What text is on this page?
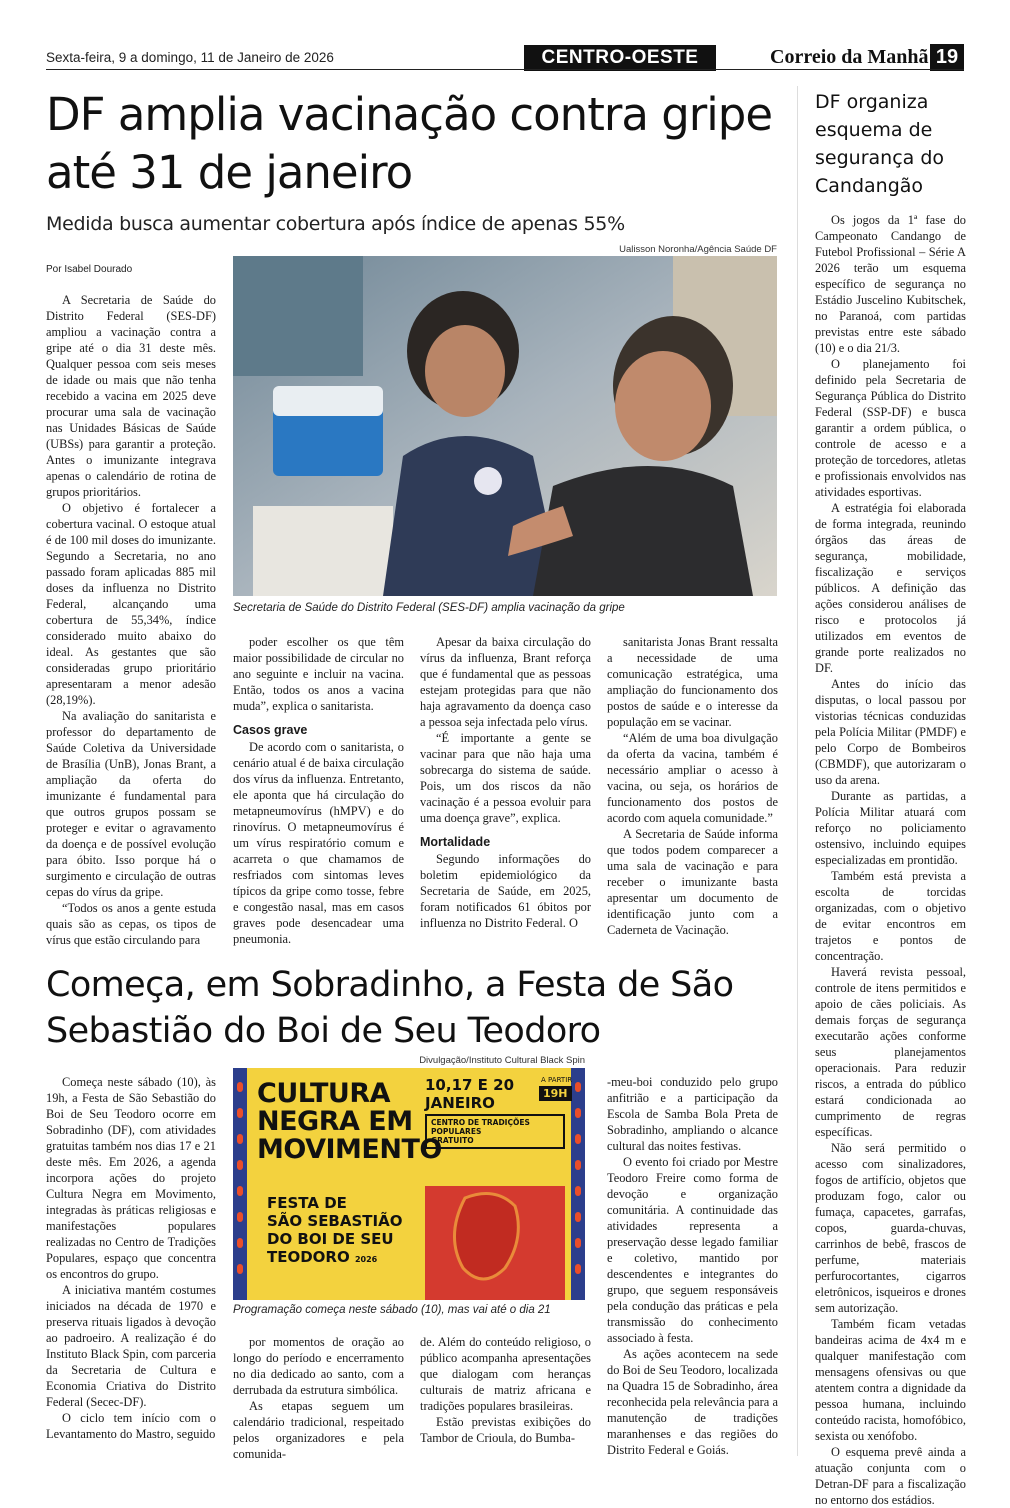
Sexta-feira, 9 a domingo, 11 de Janeiro de 2026	CENTRO-OESTE	Correio da Manhã 19
DF amplia vacinação contra gripe até 31 de janeiro
Medida busca aumentar cobertura após índice de apenas 55%
Ualisson Noronha/Agência Saúde DF
Por Isabel Dourado
Secretaria de Saúde do Distrito Federal (SES-DF) amplia vacinação da gripe

A Secretaria de Saúde do Distrito Federal (SES-DF) ampliou a vacinação contra a gripe até o dia 31 deste mês. Qualquer pessoa com seis meses de idade ou mais que não tenha recebido a vacina em 2025 deve procurar uma sala de vacinação nas Unidades Básicas de Saúde (UBSs) para garantir a proteção. Antes o imunizante integrava apenas o calendário de rotina de grupos prioritários.

O objetivo é fortalecer a cobertura vacinal. O estoque atual é de 100 mil doses do imunizante. Segundo a Secretaria, no ano passado foram aplicadas 885 mil doses da influenza no Distrito Federal, alcançando uma cobertura de 55,34%, índice considerado muito abaixo do ideal. As gestantes que são consideradas grupo prioritário apresentaram a menor adesão (28,19%).

Na avaliação do sanitarista e professor do departamento de Saúde Coletiva da Universidade de Brasília (UnB), Jonas Brant, a ampliação da oferta do imunizante é fundamental para que outros grupos possam se proteger e evitar o agravamento da doença e de possível evolução para óbito. Isso porque há o surgimento e circulação de outras cepas do vírus da gripe.

“Todos os anos a gente estuda quais são as cepas, os tipos de vírus que estão circulando para

poder escolher os que têm maior possibilidade de circular no ano seguinte e incluir na vacina. Então, todos os anos a vacina muda”, explica o sanitarista.

Casos grave

De acordo com o sanitarista, o cenário atual é de baixa circulação dos vírus da influenza. Entretanto, ele aponta que há circulação do metapneumovírus (hMPV) e do rinovírus. O metapneumovírus é um vírus respiratório comum e acarreta o que chamamos de resfriados com sintomas leves típicos da gripe como tosse, febre e congestão nasal, mas em casos graves pode desencadear uma pneumonia.

Apesar da baixa circulação do vírus da influenza, Brant reforça que é fundamental que as pessoas estejam protegidas para que não haja agravamento da doença caso a pessoa seja infectada pelo vírus.

“É importante a gente se vacinar para que não haja uma sobrecarga do sistema de saúde. Pois, um dos riscos da não vacinação é a pessoa evoluir para uma doença grave”, explica.

Mortalidade

Segundo informações do boletim epidemiológico da Secretaria de Saúde, em 2025, foram notificados 61 óbitos por influenza no Distrito Federal. O

sanitarista Jonas Brant ressalta a necessidade de uma comunicação estratégica, uma ampliação do funcionamento dos postos de saúde e o interesse da população em se vacinar.

“Além de uma boa divulgação da oferta da vacina, também é necessário ampliar o acesso à vacina, ou seja, os horários de funcionamento dos postos de acordo com aquela comunidade.”

A Secretaria de Saúde informa que todos podem comparecer a uma sala de vacinação e para receber o imunizante basta apresentar um documento de identificação junto com a Caderneta de Vacinação.

DF organiza esquema de segurança do Candangão

Os jogos da 1ª fase do Campeonato Candango de Futebol Profissional – Série A 2026 terão um esquema específico de segurança no Estádio Juscelino Kubitschek, no Paranoá, com partidas previstas entre este sábado (10) e o dia 21/3.

O planejamento foi definido pela Secretaria de Segurança Pública do Distrito Federal (SSP-DF) e busca garantir a ordem pública, o controle de acesso e a proteção de torcedores, atletas e profissionais envolvidos nas atividades esportivas.

A estratégia foi elaborada de forma integrada, reunindo órgãos das áreas de segurança, mobilidade, fiscalização e serviços públicos. A definição das ações considerou análises de risco e protocolos já utilizados em eventos de grande porte realizados no DF.

Antes do início das disputas, o local passou por vistorias técnicas conduzidas pela Polícia Militar (PMDF) e pelo Corpo de Bombeiros (CBMDF), que autorizaram o uso da arena.

Durante as partidas, a Polícia Militar atuará com reforço no policiamento ostensivo, incluindo equipes especializadas em prontidão.

Também está prevista a escolta de torcidas organizadas, com o objetivo de evitar encontros em trajetos e pontos de concentração.

Haverá revista pessoal, controle de itens permitidos e apoio de cães policiais. As demais forças de segurança executarão ações conforme seus planejamentos operacionais. Para reduzir riscos, a entrada do público estará condicionada ao cumprimento de regras específicas.

Não será permitido o acesso com sinalizadores, fogos de artifício, objetos que produzam fogo, calor ou fumaça, capacetes, garrafas, copos, guarda-chuvas, carrinhos de bebê, frascos de perfume, materiais perfurocortantes, cigarros eletrônicos, isqueiros e drones sem autorização.

Também ficam vetadas bandeiras acima de 4x4 m e qualquer manifestação com mensagens ofensivas ou que atentem contra a dignidade da pessoa humana, incluindo conteúdo racista, homofóbico, sexista ou xenófobo.

O esquema prevê ainda a atuação conjunta com o Detran-DF para a fiscalização no entorno dos estádios.

Começa, em Sobradinho, a Festa de São Sebastião do Boi de Seu Teodoro
Divulgação/Instituto Cultural Black Spin
10,17 E 20 JANEIRO
A PARTIR
19H
CENTRO DE TRADIÇÕES
POPULARES
GRATUITO
CULTURA
NEGRA EM
MOVIMENTO
FESTA DE
SÃO SEBASTIÃO
DO BOI DE SEU
TEODORO 2026
Programação começa neste sábado (10), mas vai até o dia 21

Começa neste sábado (10), às 19h, a Festa de São Sebastião do Boi de Seu Teodoro ocorre em Sobradinho (DF), com atividades gratuitas também nos dias 17 e 21 deste mês. Em 2026, a agenda incorpora ações do projeto Cultura Negra em Movimento, integradas às práticas religiosas e manifestações populares realizadas no Centro de Tradições Populares, espaço que concentra os encontros do grupo.

A iniciativa mantém costumes iniciados na década de 1970 e preserva rituais ligados à devoção ao padroeiro. A realização é do Instituto Black Spin, com parceria da Secretaria de Cultura e Economia Criativa do Distrito Federal (Secec-DF).

O ciclo tem início com o Levantamento do Mastro, seguido

por momentos de oração ao longo do período e encerramento no dia dedicado ao santo, com a derrubada da estrutura simbólica.

As etapas seguem um calendário tradicional, respeitado pelos organizadores e pela comunida-

de. Além do conteúdo religioso, o público acompanha apresentações que dialogam com heranças culturais de matriz africana e tradições populares brasileiras.

Estão previstas exibições do Tambor de Crioula, do Bumba-

-meu-boi conduzido pelo grupo anfitrião e a participação da Escola de Samba Bola Preta de Sobradinho, ampliando o alcance cultural das noites festivas.

O evento foi criado por Mestre Teodoro Freire como forma de devoção e organização comunitária. A continuidade das atividades representa a preservação desse legado familiar e coletivo, mantido por descendentes e integrantes do grupo, que seguem responsáveis pela condução das práticas e pela transmissão do conhecimento associado à festa.

As ações acontecem na sede do Boi de Seu Teodoro, localizada na Quadra 15 de Sobradinho, área reconhecida pela relevância para a manutenção de tradições maranhenses e das regiões do Distrito Federal e Goiás.
